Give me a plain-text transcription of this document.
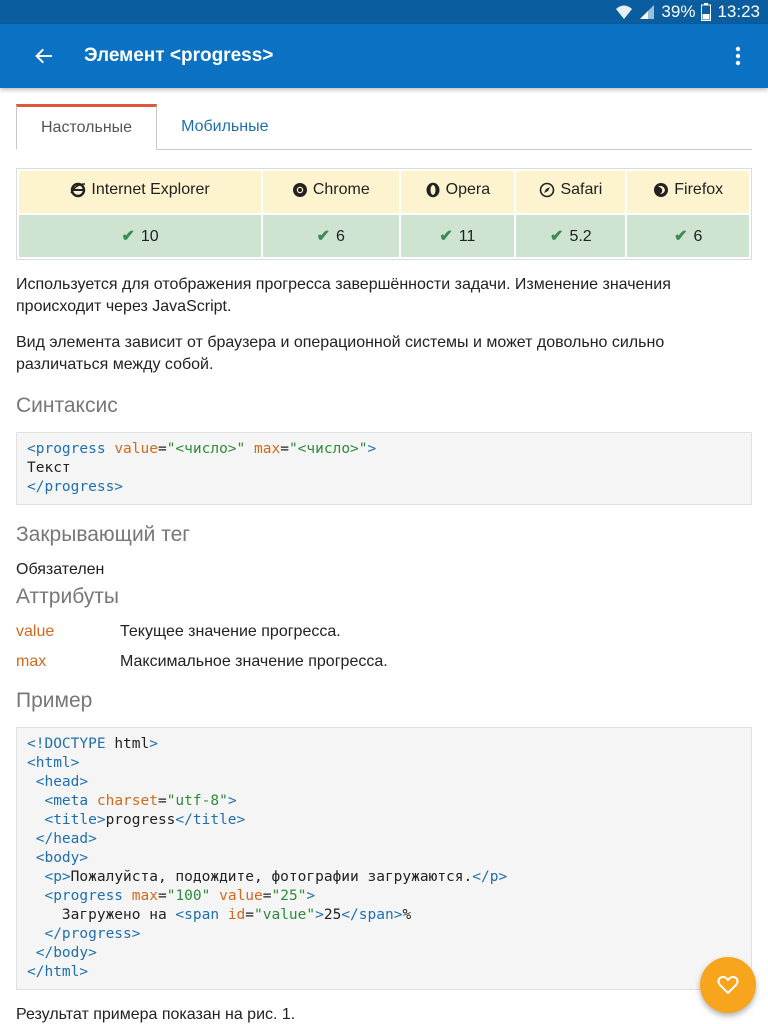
39% 13:23
Элемент <progress>
Настольные	Мобильные
Internet Explorer	Chrome	Opera	Safari	Firefox

✔ 10	✔ 6	✔ 11	✔ 5.2	✔ 6

Используется для отображения прогресса завершённости задачи. Изменение значения происходит через JavaScript.

Вид элемента зависит от браузера и операционной системы и может довольно сильно различаться между собой.

Синтаксис
<progress value="<число>" max="<число>">
Текст
</progress>
Закрывающий тег

Обязателен

Аттрибуты
value	Текущее значение прогресса.
max	Максимальное значение прогресса.
Пример
<!DOCTYPE html>
<html>
<head>
<meta charset="utf-8">
<title>progress</title>
</head>
<body>
<p>Пожалуйста, подождите, фотографии загружаются.</p>
<progress max="100" value="25">
Загружено на <span id="value">25</span>%
</progress>
</body>
</html>

Результат примера показан на рис. 1.
